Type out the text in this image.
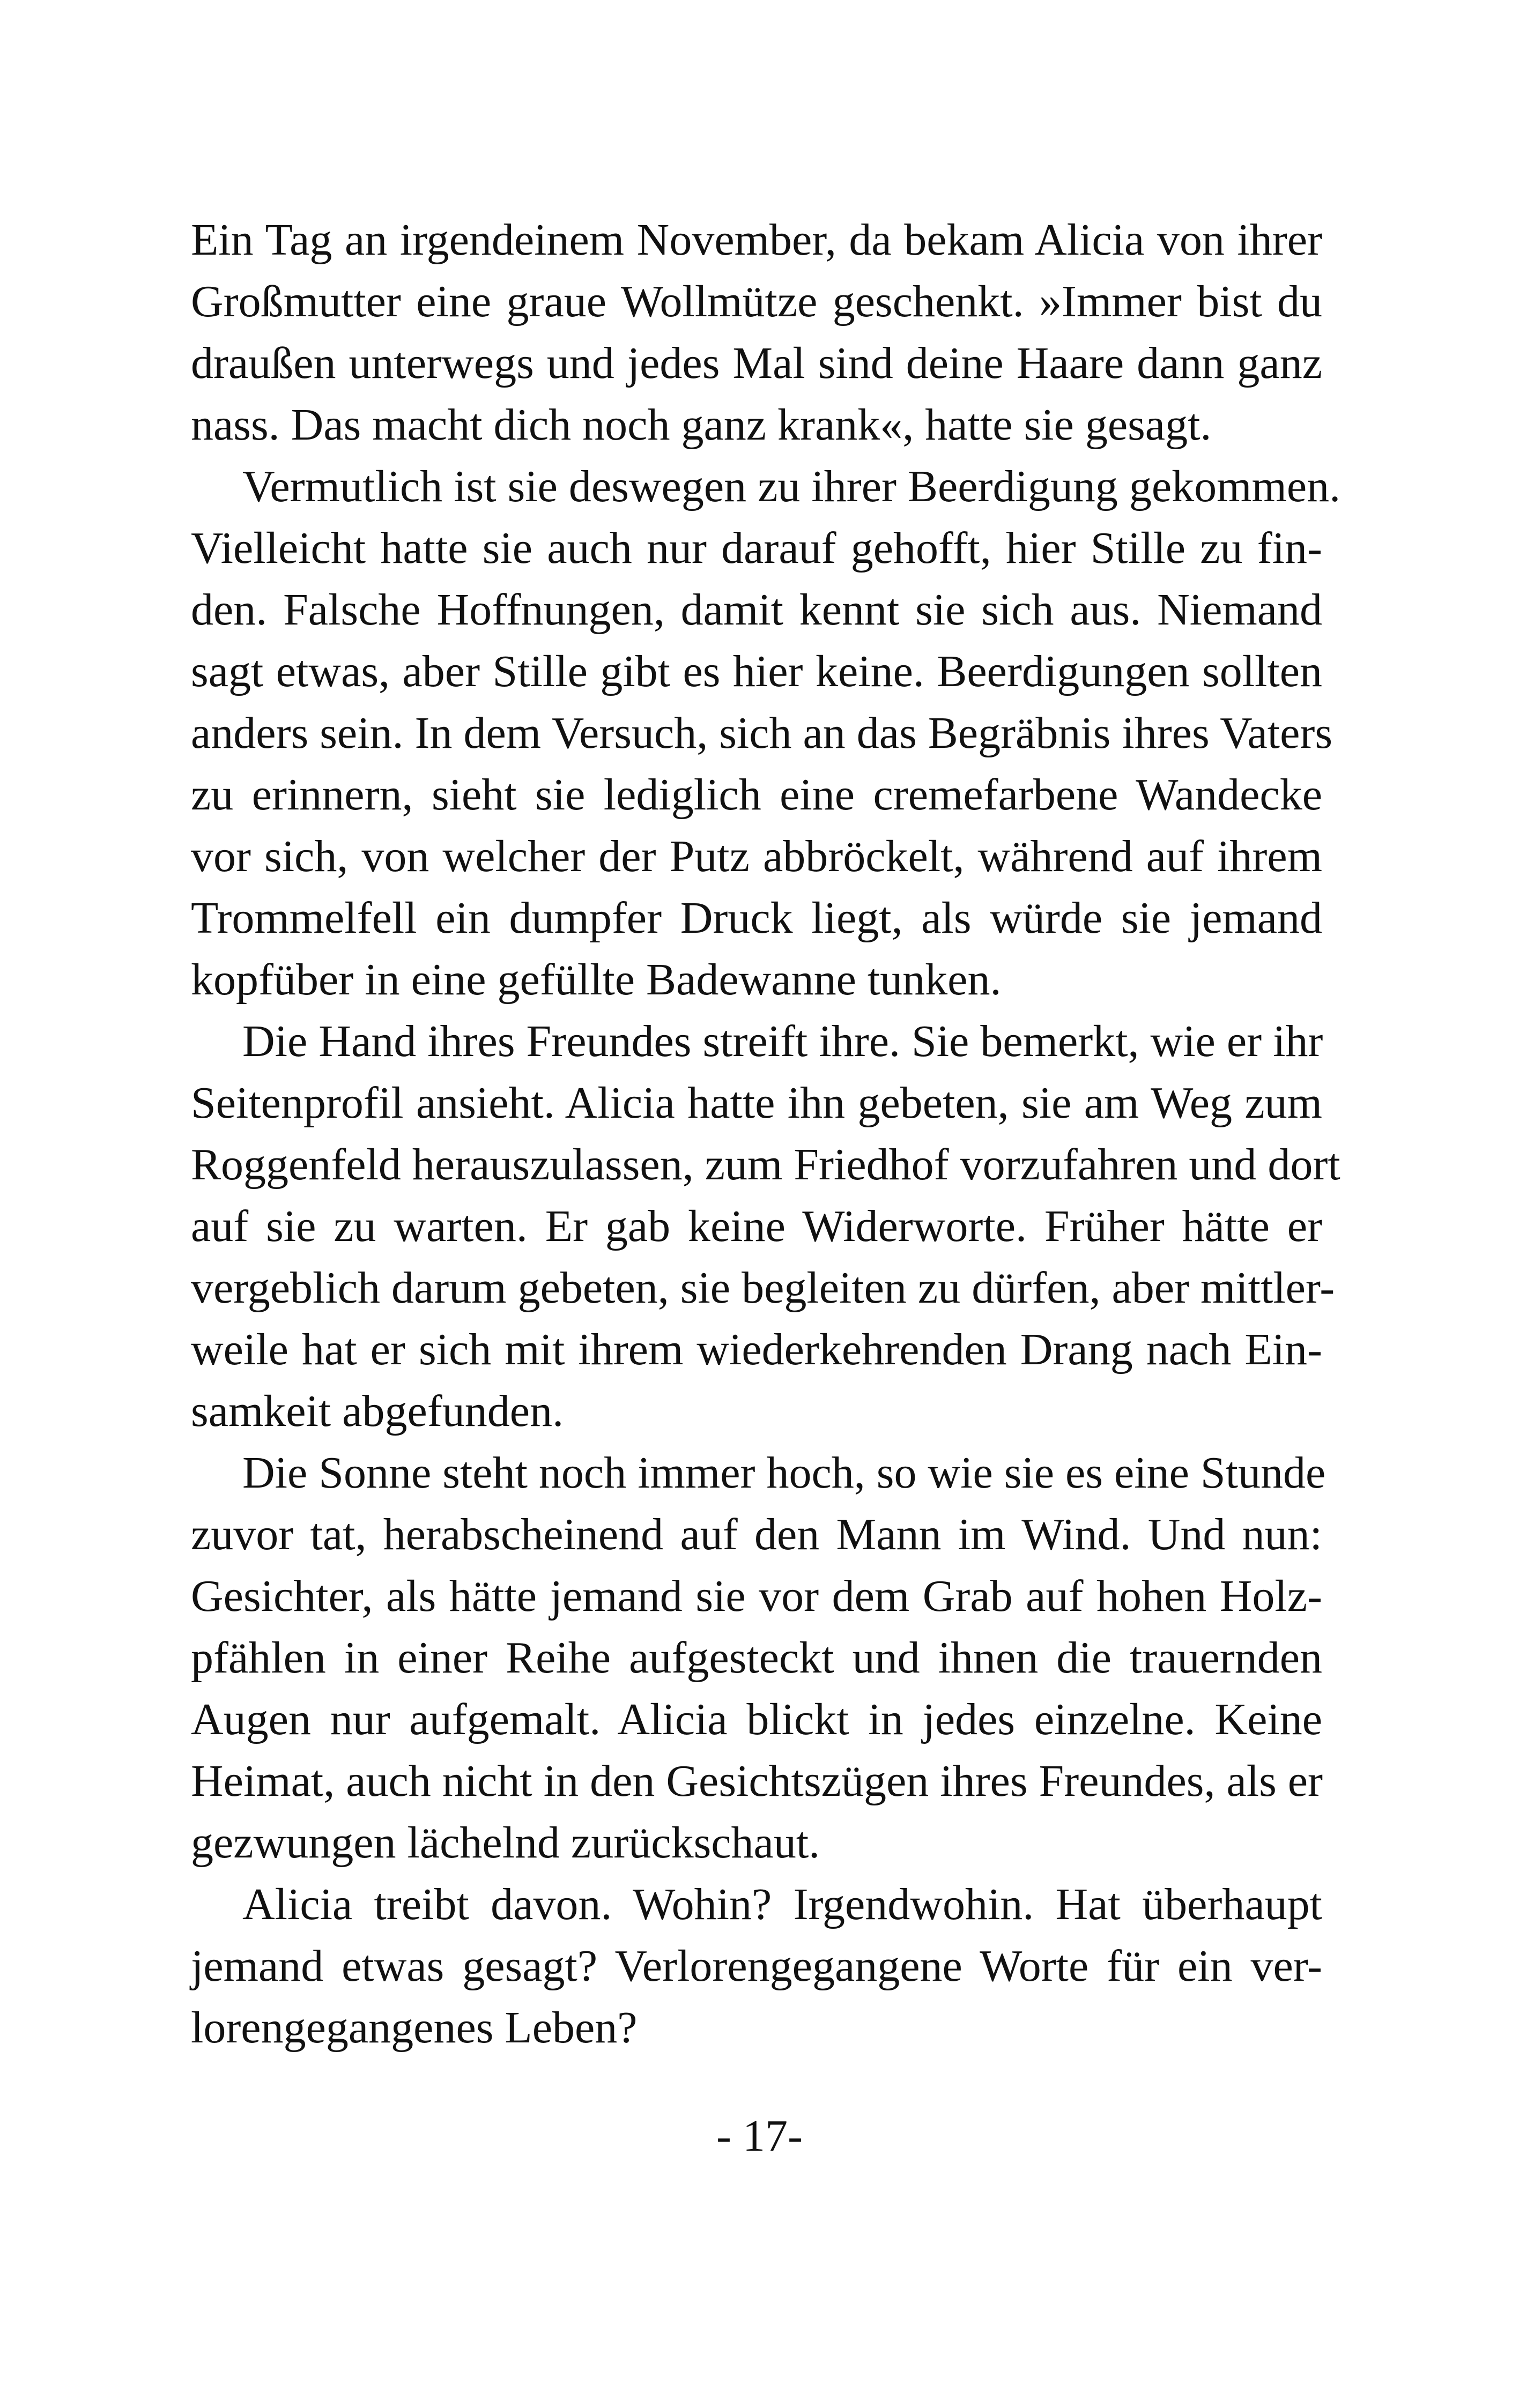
Ein Tag an irgendeinem November, da bekam Alicia von ihrer
Großmutter eine graue Wollmütze geschenkt. »Immer bist du
draußen unterwegs und jedes Mal sind deine Haare dann ganz
nass. Das macht dich noch ganz krank«, hatte sie gesagt.
Vermutlich ist sie deswegen zu ihrer Beerdigung gekommen.
Vielleicht hatte sie auch nur darauf gehofft, hier Stille zu fin-
den. Falsche Hoffnungen, damit kennt sie sich aus. Niemand
sagt etwas, aber Stille gibt es hier keine. Beerdigungen sollten
anders sein. In dem Versuch, sich an das Begräbnis ihres Vaters
zu erinnern, sieht sie lediglich eine cremefarbene Wandecke
vor sich, von welcher der Putz abbröckelt, während auf ihrem
Trommelfell ein dumpfer Druck liegt, als würde sie jemand
kopfüber in eine gefüllte Badewanne tunken.
Die Hand ihres Freundes streift ihre. Sie bemerkt, wie er ihr
Seitenprofil ansieht. Alicia hatte ihn gebeten, sie am Weg zum
Roggenfeld herauszulassen, zum Friedhof vorzufahren und dort
auf sie zu warten. Er gab keine Widerworte. Früher hätte er
vergeblich darum gebeten, sie begleiten zu dürfen, aber mittler-
weile hat er sich mit ihrem wiederkehrenden Drang nach Ein-
samkeit abgefunden.
Die Sonne steht noch immer hoch, so wie sie es eine Stunde
zuvor tat, herabscheinend auf den Mann im Wind. Und nun:
Gesichter, als hätte jemand sie vor dem Grab auf hohen Holz-
pfählen in einer Reihe aufgesteckt und ihnen die trauernden
Augen nur aufgemalt. Alicia blickt in jedes einzelne. Keine
Heimat, auch nicht in den Gesichtszügen ihres Freundes, als er
gezwungen lächelnd zurückschaut.
Alicia treibt davon. Wohin? Irgendwohin. Hat überhaupt
jemand etwas gesagt? Verlorengegangene Worte für ein ver-
lorengegangenes Leben?
- 17-
